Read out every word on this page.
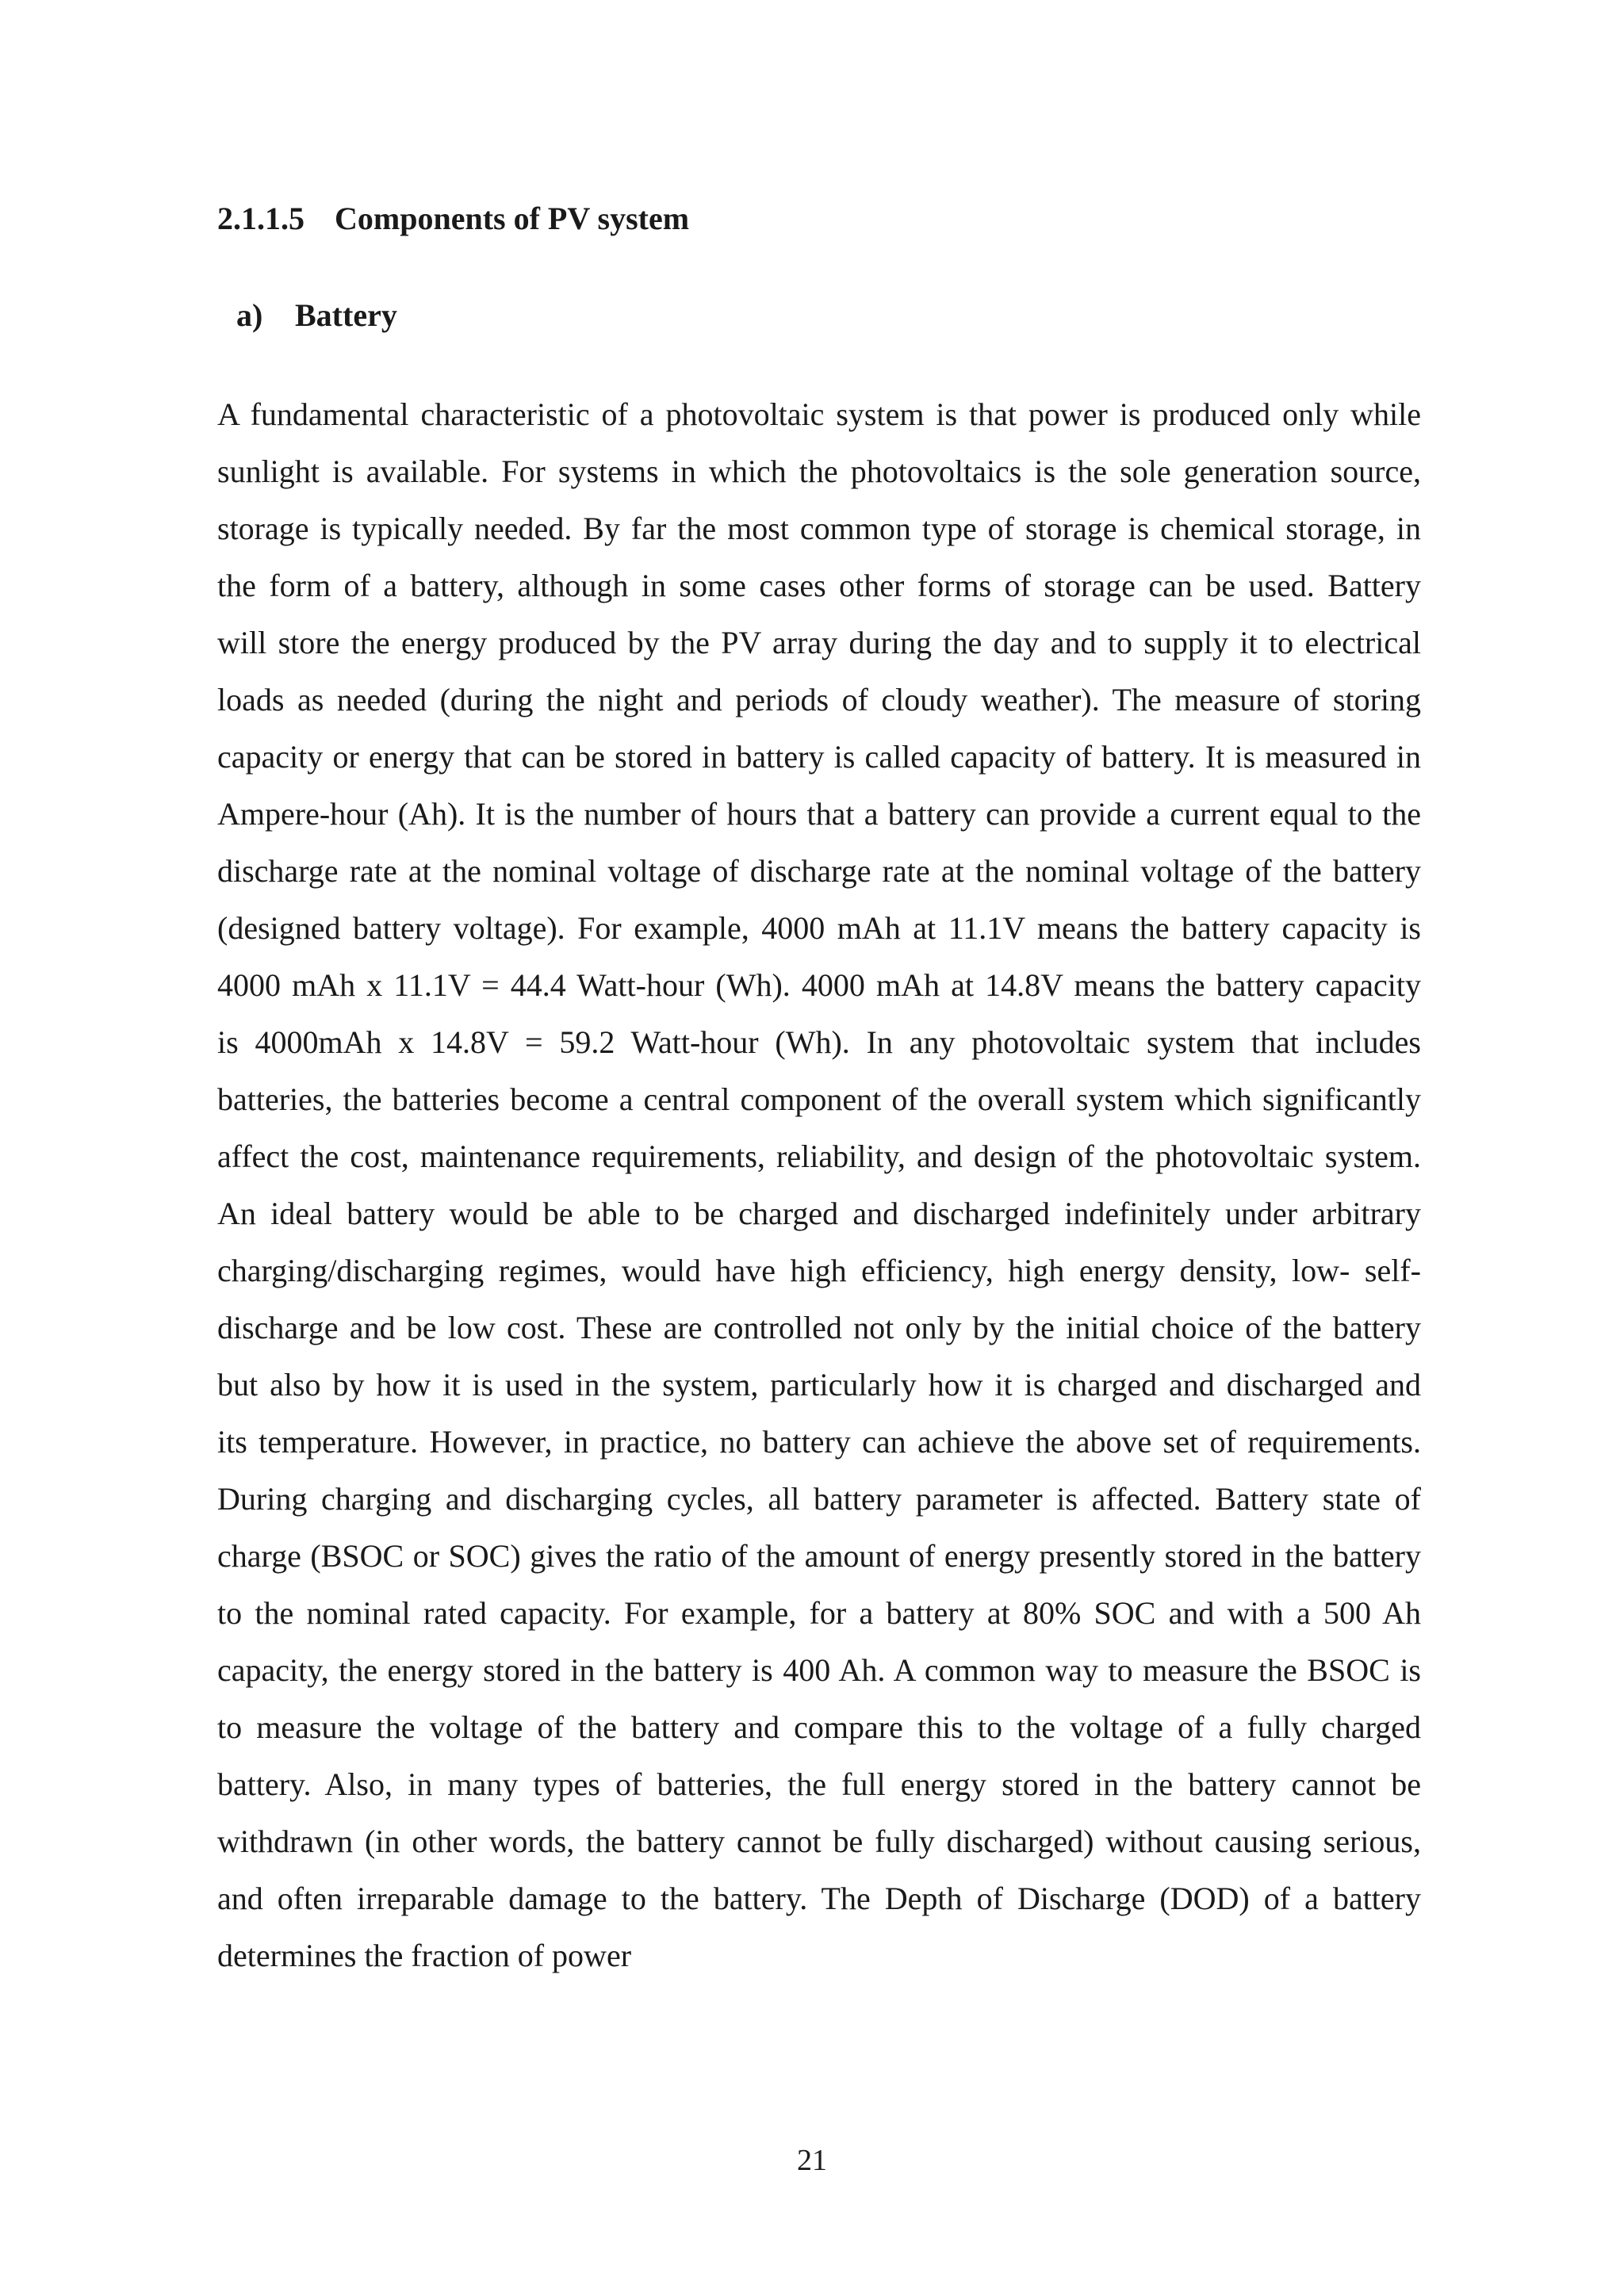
2.1.1.5 Components of PV system
a) Battery
A fundamental characteristic of a photovoltaic system is that power is produced only while
sunlight is available. For systems in which the photovoltaics is the sole generation source,
storage is typically needed. By far the most common type of storage is chemical storage, in
the form of a battery, although in some cases other forms of storage can be used. Battery
will store the energy produced by the PV array during the day and to supply it to electrical
loads as needed (during the night and periods of cloudy weather). The measure of storing
capacity or energy that can be stored in battery is called capacity of battery. It is measured in
Ampere-hour (Ah). It is the number of hours that a battery can provide a current equal to the
discharge rate at the nominal voltage of discharge rate at the nominal voltage of the battery
(designed battery voltage). For example, 4000 mAh at 11.1V means the battery capacity is
4000 mAh x 11.1V = 44.4 Watt-hour (Wh). 4000 mAh at 14.8V means the battery capacity
is 4000mAh x 14.8V = 59.2 Watt-hour (Wh). In any photovoltaic system that includes
batteries, the batteries become a central component of the overall system which significantly
affect the cost, maintenance requirements, reliability, and design of the photovoltaic system.
An ideal battery would be able to be charged and discharged indefinitely under arbitrary
charging/discharging regimes, would have high efficiency, high energy density, low- self-
discharge and be low cost. These are controlled not only by the initial choice of the battery
but also by how it is used in the system, particularly how it is charged and discharged and
its temperature. However, in practice, no battery can achieve the above set of requirements.
During charging and discharging cycles, all battery parameter is affected. Battery state of
charge (BSOC or SOC) gives the ratio of the amount of energy presently stored in the battery
to the nominal rated capacity. For example, for a battery at 80% SOC and with a 500 Ah
capacity, the energy stored in the battery is 400 Ah. A common way to measure the BSOC is
to measure the voltage of the battery and compare this to the voltage of a fully charged
battery. Also, in many types of batteries, the full energy stored in the battery cannot be
withdrawn (in other words, the battery cannot be fully discharged) without causing serious,
and often irreparable damage to the battery. The Depth of Discharge (DOD) of a battery
determines the fraction of power
21
